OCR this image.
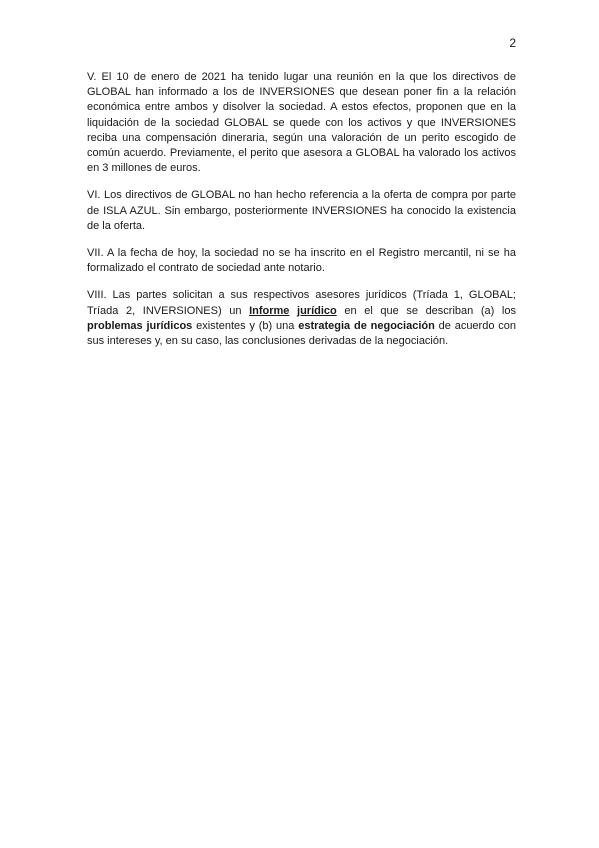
2

V. El 10 de enero de 2021 ha tenido lugar una reunión en la que los directivos de GLOBAL han informado a los de INVERSIONES que desean poner fin a la relación económica entre ambos y disolver la sociedad. A estos efectos, proponen que en la liquidación de la sociedad GLOBAL se quede con los activos y que INVERSIONES reciba una compensación dineraria, según una valoración de un perito escogido de común acuerdo. Previamente, el perito que asesora a GLOBAL ha valorado los activos en 3 millones de euros.

VI. Los directivos de GLOBAL no han hecho referencia a la oferta de compra por parte de ISLA AZUL. Sin embargo, posteriormente INVERSIONES ha conocido la existencia de la oferta.

VII. A la fecha de hoy, la sociedad no se ha inscrito en el Registro mercantil, ni se ha formalizado el contrato de sociedad ante notario.

VIII. Las partes solicitan a sus respectivos asesores jurídicos (Tríada 1, GLOBAL; Tríada 2, INVERSIONES) un Informe jurídico en el que se describan (a) los problemas jurídicos existentes y (b) una estrategia de negociación de acuerdo con sus intereses y, en su caso, las conclusiones derivadas de la negociación.
